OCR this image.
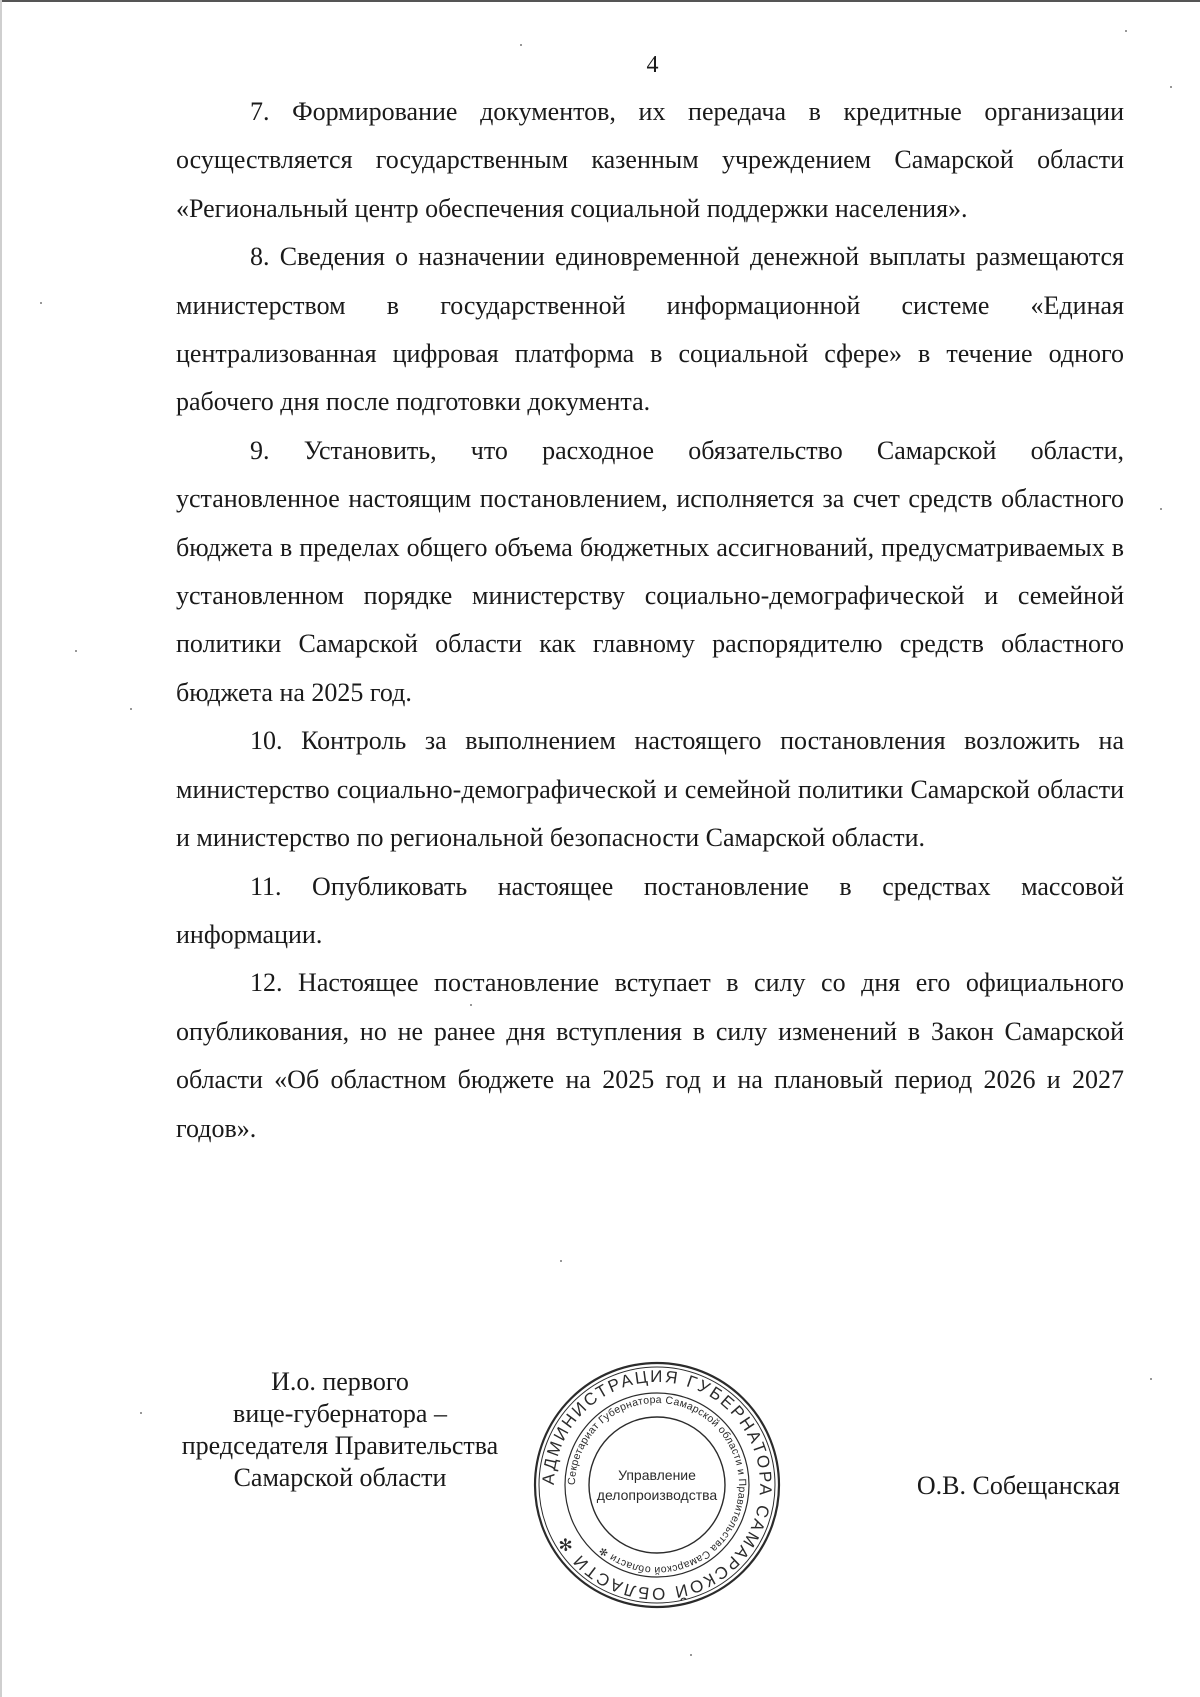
4

7. Формирование документов, их передача в кредитные организации осуществляется государственным казенным учреждением Самарской области «Региональный центр обеспечения социальной поддержки населения».

8. Сведения о назначении единовременной денежной выплаты размещаются министерством в государственной информационной системе «Единая централизованная цифровая платформа в социальной сфере» в течение одного рабочего дня после подготовки документа.

9. Установить, что расходное обязательство Самарской области, установленное настоящим постановлением, исполняется за счет средств областного бюджета в пределах общего объема бюджетных ассигнований, предусматриваемых в установленном порядке министерству социально-демографической и семейной политики Самарской области как главному распорядителю средств областного бюджета на 2025 год.

10. Контроль за выполнением настоящего постановления возложить на министерство социально-демографической и семейной политики Самарской области и министерство по региональной безопасности Самарской области.

11. Опубликовать настоящее постановление в средствах массовой информации.

12. Настоящее постановление вступает в силу со дня его официального опубликования, но не ранее дня вступления в силу изменений в Закон Самарской области «Об областном бюджете на 2025 год и на плановый период 2026 и 2027 годов».

И.о. первого
вице-губернатора –
председателя Правительства
Самарской области	АДМИНИСТРАЦИЯ ГУБЕРНАТОРА САМАРСКОЙ ОБЛАСТИ ✻
Секретариат Губернатора Самарской области и Правительства Самарской области ✻
Управление
делопроизводства	О.В. Собещанская
